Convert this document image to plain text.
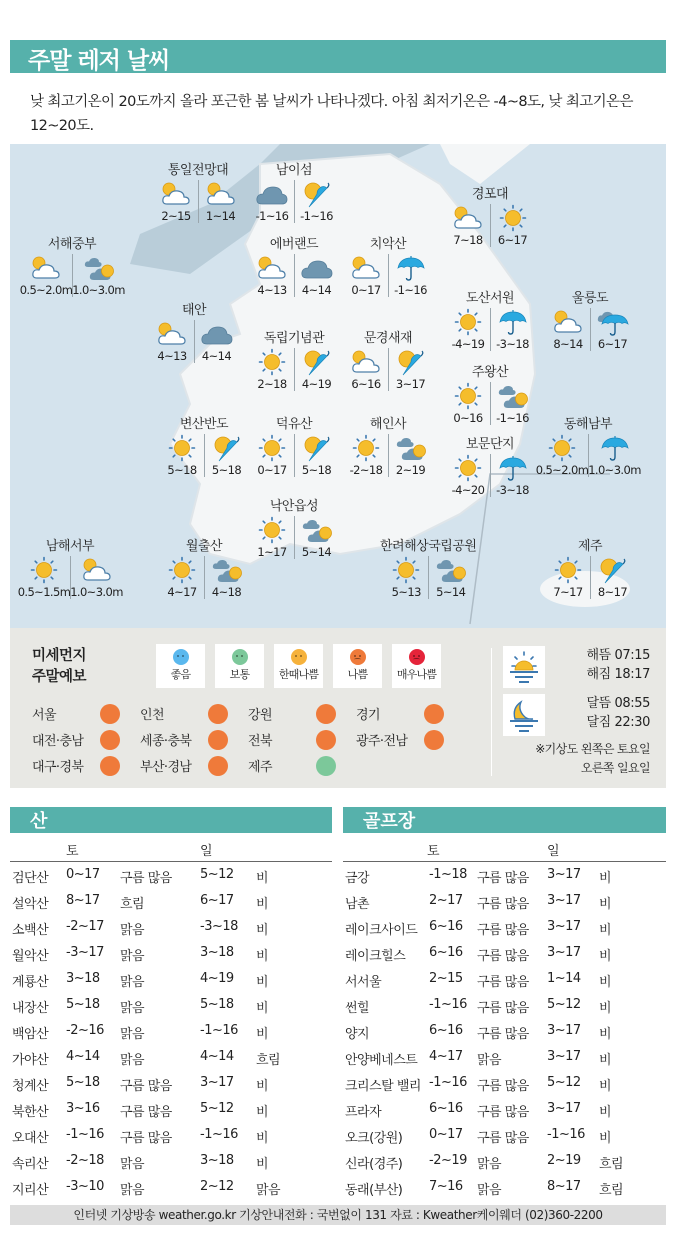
주말 레저 날씨

낮 최고기온이 20도까지 올라 포근한 봄 날씨가 나타나겠다. 아침 최저기온은 -4~8도, 낮 최고기온은 12~20도.

통일전망대
2~15 1~14
남이섬
-1~16 -1~16
서해중부
0.5~2.0m 1.0~3.0m
에버랜드
4~13 4~14
치악산
0~17 -1~16
경포대
7~18 6~17
태안
4~13 4~14
독립기념관
2~18 4~19
문경새재
6~16 3~17
도산서원
-4~19 -3~18
울릉도
8~14 6~17
주왕산
0~16 -1~16
변산반도
5~18 5~18
덕유산
0~17 5~18
해인사
-2~18 2~19
보문단지
-4~20 -3~18
동해남부
0.5~2.0m 1.0~3.0m
낙안읍성
1~17 5~14
남해서부
0.5~1.5m 1.0~3.0m
월출산
4~17 4~18
한려해상국립공원
5~13 5~14
제주
7~17 8~17
미세먼지
주말예보	좋음	보통	한때나쁨	나쁨	매우나쁨
서울	인천	강원	경기
대전·충남	세종·충북	전북	광주·전남
대구·경북	부산·경남	제주
해뜸 07:15
해짐 18:17
달뜸 08:55
달짐 22:30
※기상도 왼쪽은 토요일
오른쪽 일요일
산
토	일
검단산 0~17 구름 많음 5~12 비
설악산 8~17 흐림	6~17 비
소백산 -2~17 맑음	-3~18 비
월악산 -3~17 맑음	3~18 비
계룡산 3~18 맑음	4~19 비
내장산 5~18 맑음	5~18 비
백암산 -2~16 맑음	-1~16 비
가야산 4~14 맑음	4~14 흐림
청계산 5~18 구름 많음 3~17 비
북한산 3~16 구름 많음 5~12 비
오대산 -1~16 구름 많음 -1~16 비
속리산 -2~18 맑음	3~18 비
지리산 -3~10 맑음	2~12 맑음
골프장
토	일
금강	-1~18 구름 많음 3~17 비
남촌	2~17 구름 많음 3~17 비
레이크사이드 6~16 구름 많음 3~17 비
레이크힐스 6~16 구름 많음 3~17 비
서서울	2~15 구름 많음 1~14 비
썬힐	-1~16 구름 많음 5~12 비
양지	6~16 구름 많음 3~17 비
안양베네스트 4~17 맑음	3~17 비
크리스탈 밸리 -1~16 구름 많음 5~12 비
프라자	6~16 구름 많음 3~17 비
오크(강원) 0~17 구름 많음 -1~16 비
신라(경주) -2~19 맑음	2~19 흐림
동래(부산) 7~16 맑음	8~17 흐림
인터넷 기상방송 weather.go.kr 기상안내전화 : 국번없이 131 자료 : Kweather케이웨더 (02)360-2200
